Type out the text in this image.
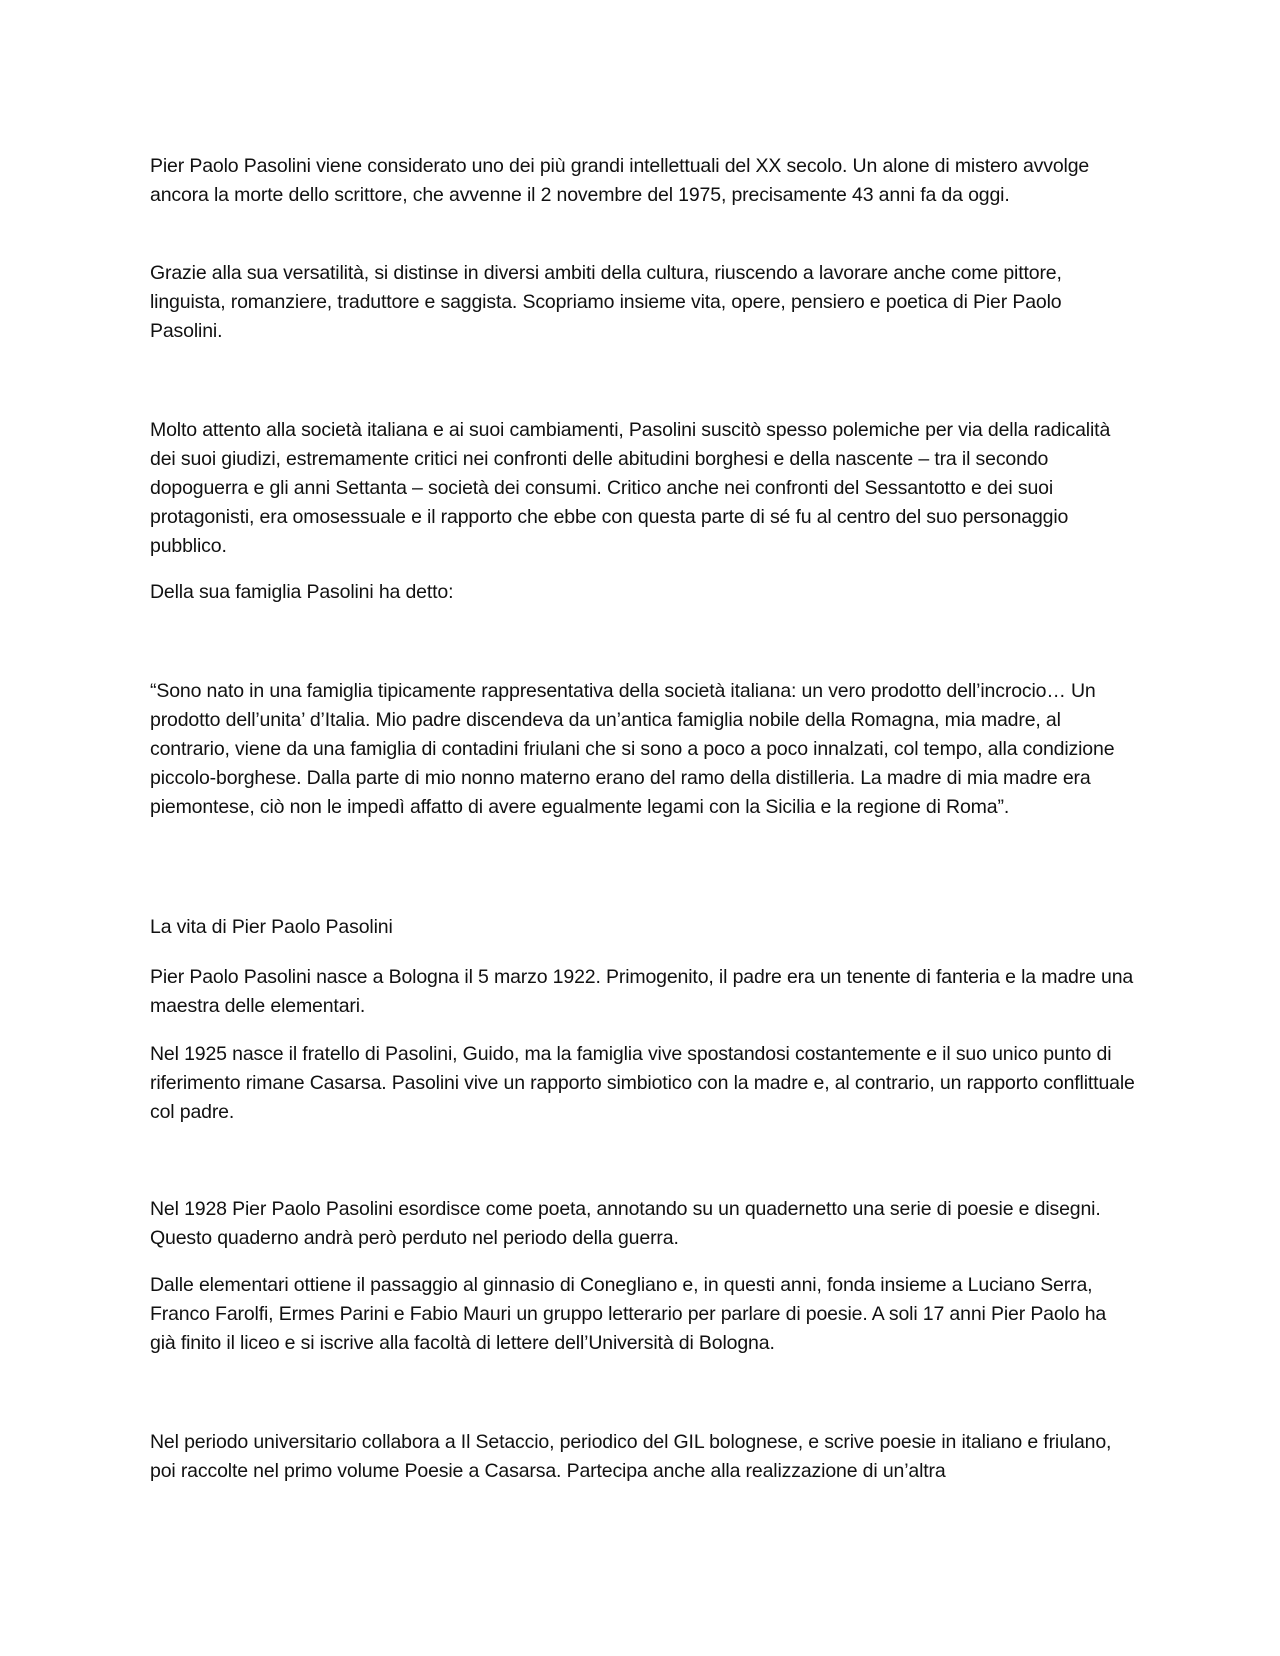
Pier Paolo Pasolini viene considerato uno dei più grandi intellettuali del XX secolo. Un alone di mistero avvolge ancora la morte dello scrittore, che avvenne il 2 novembre del 1975, precisamente 43 anni fa da oggi.

Grazie alla sua versatilità, si distinse in diversi ambiti della cultura, riuscendo a lavorare anche come pittore, linguista, romanziere, traduttore e saggista. Scopriamo insieme vita, opere, pensiero e poetica di Pier Paolo Pasolini.

Molto attento alla società italiana e ai suoi cambiamenti, Pasolini suscitò spesso polemiche per via della radicalità dei suoi giudizi, estremamente critici nei confronti delle abitudini borghesi e della nascente – tra il secondo dopoguerra e gli anni Settanta – società dei consumi. Critico anche nei confronti del Sessantotto e dei suoi protagonisti, era omosessuale e il rapporto che ebbe con questa parte di sé fu al centro del suo personaggio pubblico.

Della sua famiglia Pasolini ha detto:

“Sono nato in una famiglia tipicamente rappresentativa della società italiana: un vero prodotto dell’incrocio… Un prodotto dell’unita’ d’Italia. Mio padre discendeva da un’antica famiglia nobile della Romagna, mia madre, al contrario, viene da una famiglia di contadini friulani che si sono a poco a poco innalzati, col tempo, alla condizione piccolo-borghese. Dalla parte di mio nonno materno erano del ramo della distilleria. La madre di mia madre era piemontese, ciò non le impedì affatto di avere egualmente legami con la Sicilia e la regione di Roma”.

La vita di Pier Paolo Pasolini

Pier Paolo Pasolini nasce a Bologna il 5 marzo 1922. Primogenito, il padre era un tenente di fanteria e la madre una maestra delle elementari.

Nel 1925 nasce il fratello di Pasolini, Guido, ma la famiglia vive spostandosi costantemente e il suo unico punto di riferimento rimane Casarsa. Pasolini vive un rapporto simbiotico con la madre e, al contrario, un rapporto conflittuale col padre.

Nel 1928 Pier Paolo Pasolini esordisce come poeta, annotando su un quadernetto una serie di poesie e disegni. Questo quaderno andrà però perduto nel periodo della guerra.

Dalle elementari ottiene il passaggio al ginnasio di Conegliano e, in questi anni, fonda insieme a Luciano Serra, Franco Farolfi, Ermes Parini e Fabio Mauri un gruppo letterario per parlare di poesie. A soli 17 anni Pier Paolo ha già finito il liceo e si iscrive alla facoltà di lettere dell’Università di Bologna.

Nel periodo universitario collabora a Il Setaccio, periodico del GIL bolognese, e scrive poesie in italiano e friulano, poi raccolte nel primo volume Poesie a Casarsa. Partecipa anche alla realizzazione di un’altra
